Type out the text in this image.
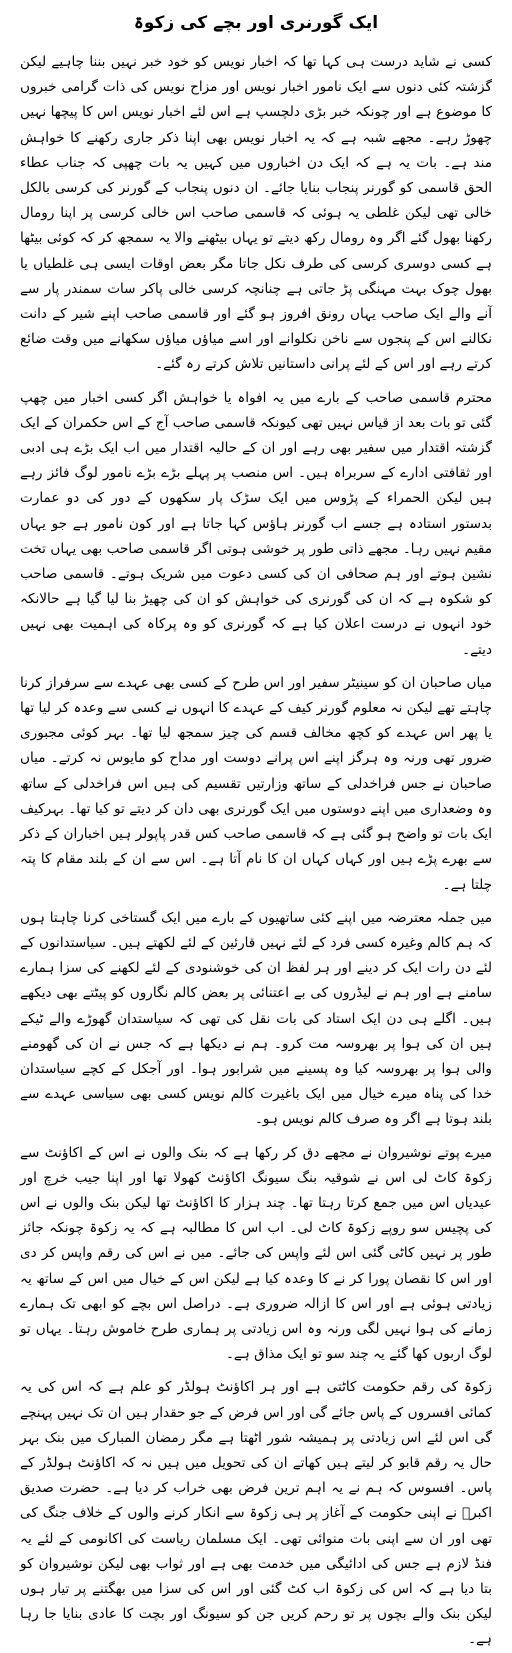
ایک گورنری اور بچے کی زکوۃ

کسی نے شاید درست ہی کہا تھا کہ اخبار نویس کو خود خبر نہیں بننا چاہیے لیکن گزشتہ کئی دنوں سے ایک نامور اخبار نویس اور مزاح نویس کی ذات گرامی خبروں کا موضوع ہے اور چونکہ خبر بڑی دلچسپ ہے اس لئے اخبار نویس اس کا پیچھا نہیں چھوڑ رہے۔ مجھے شبہ ہے کہ یہ اخبار نویس بھی اپنا ذکر جاری رکھنے کا خواہش مند ہے۔ بات یہ ہے کہ ایک دن اخباروں میں کہیں یہ بات چھپی کہ جناب عطاء الحق قاسمی کو گورنر پنجاب بنایا جائے۔ ان دنوں پنجاب کے گورنر کی کرسی بالکل خالی تھی لیکن غلطی یہ ہوئی کہ قاسمی صاحب اس خالی کرسی پر اپنا رومال رکھنا بھول گئے اگر وہ رومال رکھ دیتے تو یہاں بیٹھنے والا یہ سمجھ کر کہ کوئی بیٹھا ہے کسی دوسری کرسی کی طرف نکل جاتا مگر بعض اوقات ایسی ہی غلطیاں یا بھول چوک بہت مہنگی پڑ جاتی ہے چنانچہ کرسی خالی پاکر سات سمندر پار سے آنے والے ایک صاحب یہاں رونق افروز ہو گئے اور قاسمی صاحب اپنے شیر کے دانت نکالنے اس کے پنجوں سے ناخن نکلوانے اور اسے میاؤں میاؤں سکھانے میں وقت ضائع کرتے رہے اور اس کے لئے پرانی داستانیں تلاش کرتے رہ گئے۔

محترم قاسمی صاحب کے بارے میں یہ افواہ یا خواہش اگر کسی اخبار میں چھپ گئی تو بات بعد از قیاس نہیں تھی کیونکہ قاسمی صاحب آج کے اس حکمران کے ایک گزشتہ اقتدار میں سفیر بھی رہے اور ان کے حالیہ اقتدار میں اب ایک بڑے ہی ادبی اور ثقافتی ادارے کے سربراہ ہیں۔ اس منصب پر پہلے بڑے بڑے نامور لوگ فائز رہے ہیں لیکن الحمراء کے پڑوس میں ایک سڑک پار سکھوں کے دور کی دو عمارت بدستور استادہ ہے جسے اب گورنر ہاؤس کہا جاتا ہے اور کون نامور ہے جو یہاں مقیم نہیں رہا۔ مجھے ذاتی طور پر خوشی ہوتی اگر قاسمی صاحب بھی یہاں تخت نشین ہوتے اور ہم صحافی ان کی کسی دعوت میں شریک ہوتے۔ قاسمی صاحب کو شکوہ ہے کہ ان کی گورنری کی خواہش کو ان کی چھیڑ بنا لیا گیا ہے حالانکہ خود انہوں نے درست اعلان کیا ہے کہ گورنری کو وہ پرکاہ کی اہمیت بھی نہیں دیتے۔

میاں صاحبان ان کو سینیٹر سفیر اور اس طرح کے کسی بھی عہدے سے سرفراز کرنا چاہتے تھے لیکن نہ معلوم گورنر کیف کے عہدے کا انہوں نے کسی سے وعدہ کر لیا تھا یا پھر اس عہدے کو کچھ مخالف قسم کی چیز سمجھ لیا تھا۔ بہر کوئی مجبوری ضرور تھی ورنہ وہ ہرگز اپنے اس پرانے دوست اور مداح کو مایوس نہ کرتے۔ میاں صاحبان نے جس فراخدلی کے ساتھ وزارتیں تقسیم کی ہیں اس فراخدلی کے ساتھ وہ وضعداری میں اپنے دوستوں میں ایک گورنری بھی دان کر دیتے تو کیا تھا۔ بہرکیف ایک بات تو واضح ہو گئی ہے کہ قاسمی صاحب کس قدر پاپولر ہیں اخباران کے ذکر سے بھرے پڑے ہیں اور کہاں کہاں ان کا نام آتا ہے۔ اس سے ان کے بلند مقام کا پتہ چلتا ہے۔

میں جملہ معترضہ میں اپنے کئی ساتھیوں کے بارے میں ایک گستاخی کرنا چاہتا ہوں کہ ہم کالم وغیرہ کسی فرد کے لئے نہیں قارئین کے لئے لکھتے ہیں۔ سیاستدانوں کے لئے دن رات ایک کر دینے اور ہر لفظ ان کی خوشنودی کے لئے لکھنے کی سزا ہمارے سامنے ہے اور ہم نے لیڈروں کی بے اعتنائی پر بعض کالم نگاروں کو پیٹتے بھی دیکھے ہیں۔ اگلے ہی دن ایک استاد کی بات نقل کی تھی کہ سیاستدان گھوڑے والے ٹیکے ہیں ان کی ہوا پر بھروسہ مت کرو۔ ہم نے دیکھا ہے کہ جس نے ان کی گھومنے والی ہوا پر بھروسہ کیا وہ پسینے میں شرابور ہوا۔ اور آجکل کے کچے سیاستدان خدا کی پناہ میرے خیال میں ایک باغیرت کالم نویس کسی بھی سیاسی عہدے سے بلند ہوتا ہے اگر وہ صرف کالم نویس ہو۔

میرے پوتے نوشیروان نے مجھے دق کر رکھا ہے کہ بنک والوں نے اس کے اکاؤنٹ سے زکوۃ کاٹ لی اس نے شوقیہ بنگ سیونگ اکاؤنٹ کھولا تھا اور اپنا جیب خرچ اور عیدیاں اس میں جمع کرتا رہتا تھا۔ چند ہزار کا اکاؤنٹ تھا لیکن بنک والوں نے اس کی پچیس سو روپے زکوۃ کاٹ لی۔ اب اس کا مطالبہ ہے کہ یہ زکوۃ چونکہ جائز طور پر نہیں کاٹی گئی اس لئے واپس کی جائے۔ میں نے اس کی رقم واپس کر دی اور اس کا نقصان پورا کر نے کا وعدہ کیا ہے لیکن اس کے خیال میں اس کے ساتھ یہ زیادتی ہوئی ہے اور اس کا ازالہ ضروری ہے۔ دراصل اس بچے کو ابھی تک ہمارے زمانے کی ہوا نہیں لگی ورنہ وہ اس زیادتی پر ہماری طرح خاموش رہتا۔ یہاں تو لوگ اربوں کھا گئے یہ چند سو تو ایک مذاق ہے۔

زکوۃ کی رقم حکومت کاٹتی ہے اور ہر اکاؤنٹ ہولڈر کو علم ہے کہ اس کی یہ کمائی افسروں کے پاس جائے گی اور اس فرض کے جو حقدار ہیں ان تک نہیں پہنچے گی اس لئے اس زیادتی پر ہمیشہ شور اٹھتا ہے مگر رمضان المبارک میں بنک بہر حال یہ رقم قابو کر لیتے ہیں کھاتے ان کی تحویل میں ہیں نہ کہ اکاؤنٹ ہولڈر کے پاس۔ افسوس کہ ہم نے یہ اہم ترین فرض بھی خراب کر دیا ہے۔ حضرت صدیق اکبرؓ نے اپنی حکومت کے آغاز پر ہی زکوۃ سے انکار کرنے والوں کے خلاف جنگ کی تھی اور ان سے اپنی بات منوائی تھی۔ ایک مسلمان ریاست کی اکانومی کے لئے یہ فنڈ لازم ہے جس کی ادائیگی میں خدمت بھی ہے اور ثواب بھی لیکن نوشیروان کو بتا دیا ہے کہ اس کی زکوۃ اب کٹ گئی اور اس کی سزا میں بھگتنے پر تیار ہوں لیکن بنک والے بچوں پر تو رحم کریں جن کو سیونگ اور بچت کا عادی بنایا جا رہا ہے۔
